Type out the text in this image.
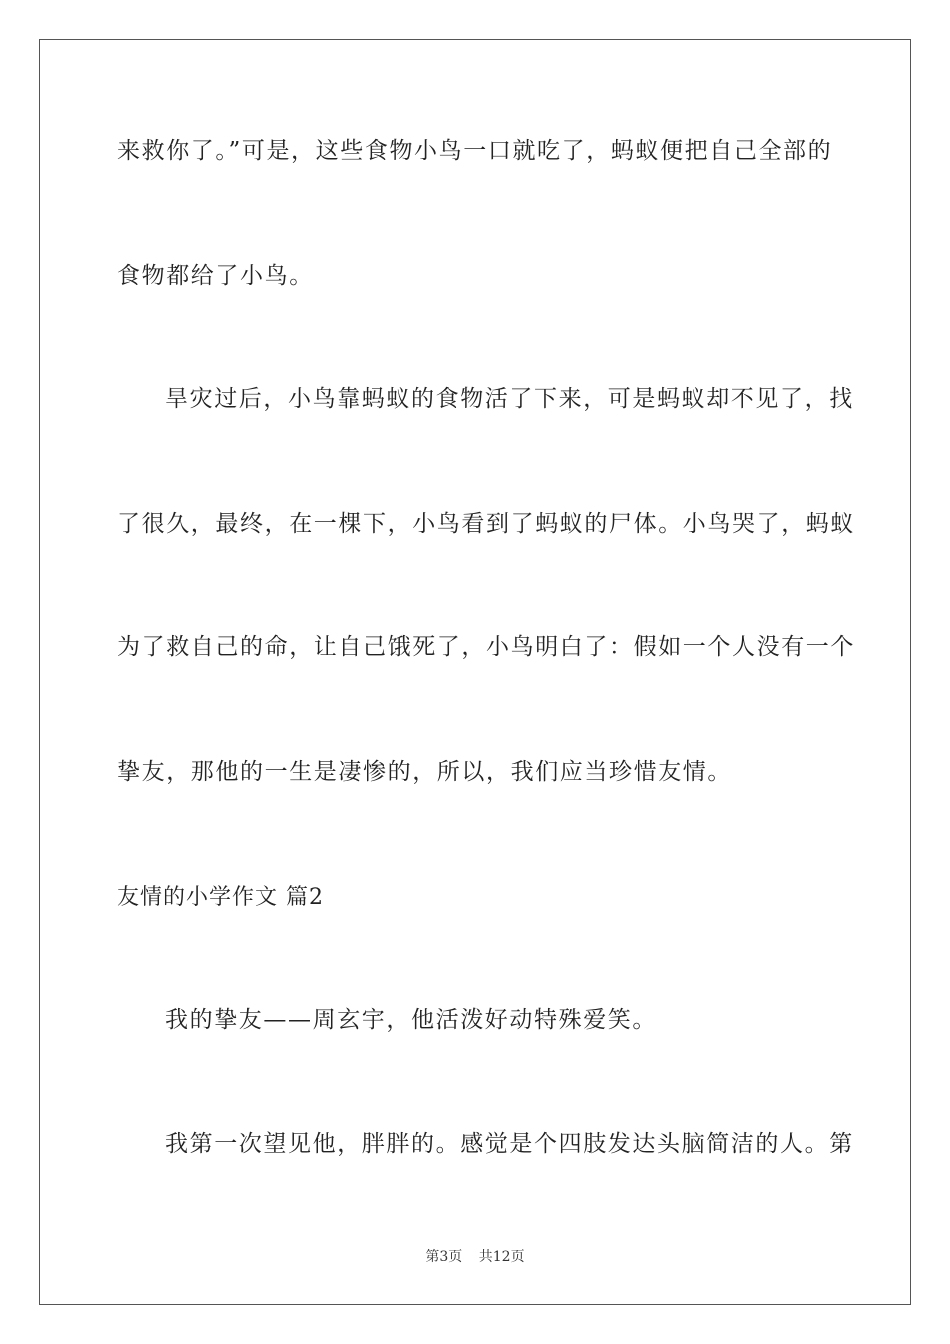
来救你了。”可是，这些食物小鸟一口就吃了，蚂蚁便把自己全部的
食物都给了小鸟。
旱灾过后，小鸟靠蚂蚁的食物活了下来，可是蚂蚁却不见了，找
了很久，最终，在一棵下，小鸟看到了蚂蚁的尸体。小鸟哭了，蚂蚁
为了救自己的命，让自己饿死了，小鸟明白了：假如一个人没有一个
挚友，那他的一生是凄惨的，所以，我们应当珍惜友情。
友情的小学作文 篇2
我的挚友——周玄宇，他活泼好动特殊爱笑。
我第一次望见他，胖胖的。感觉是个四肢发达头脑简洁的人。第
第3页 共12页
